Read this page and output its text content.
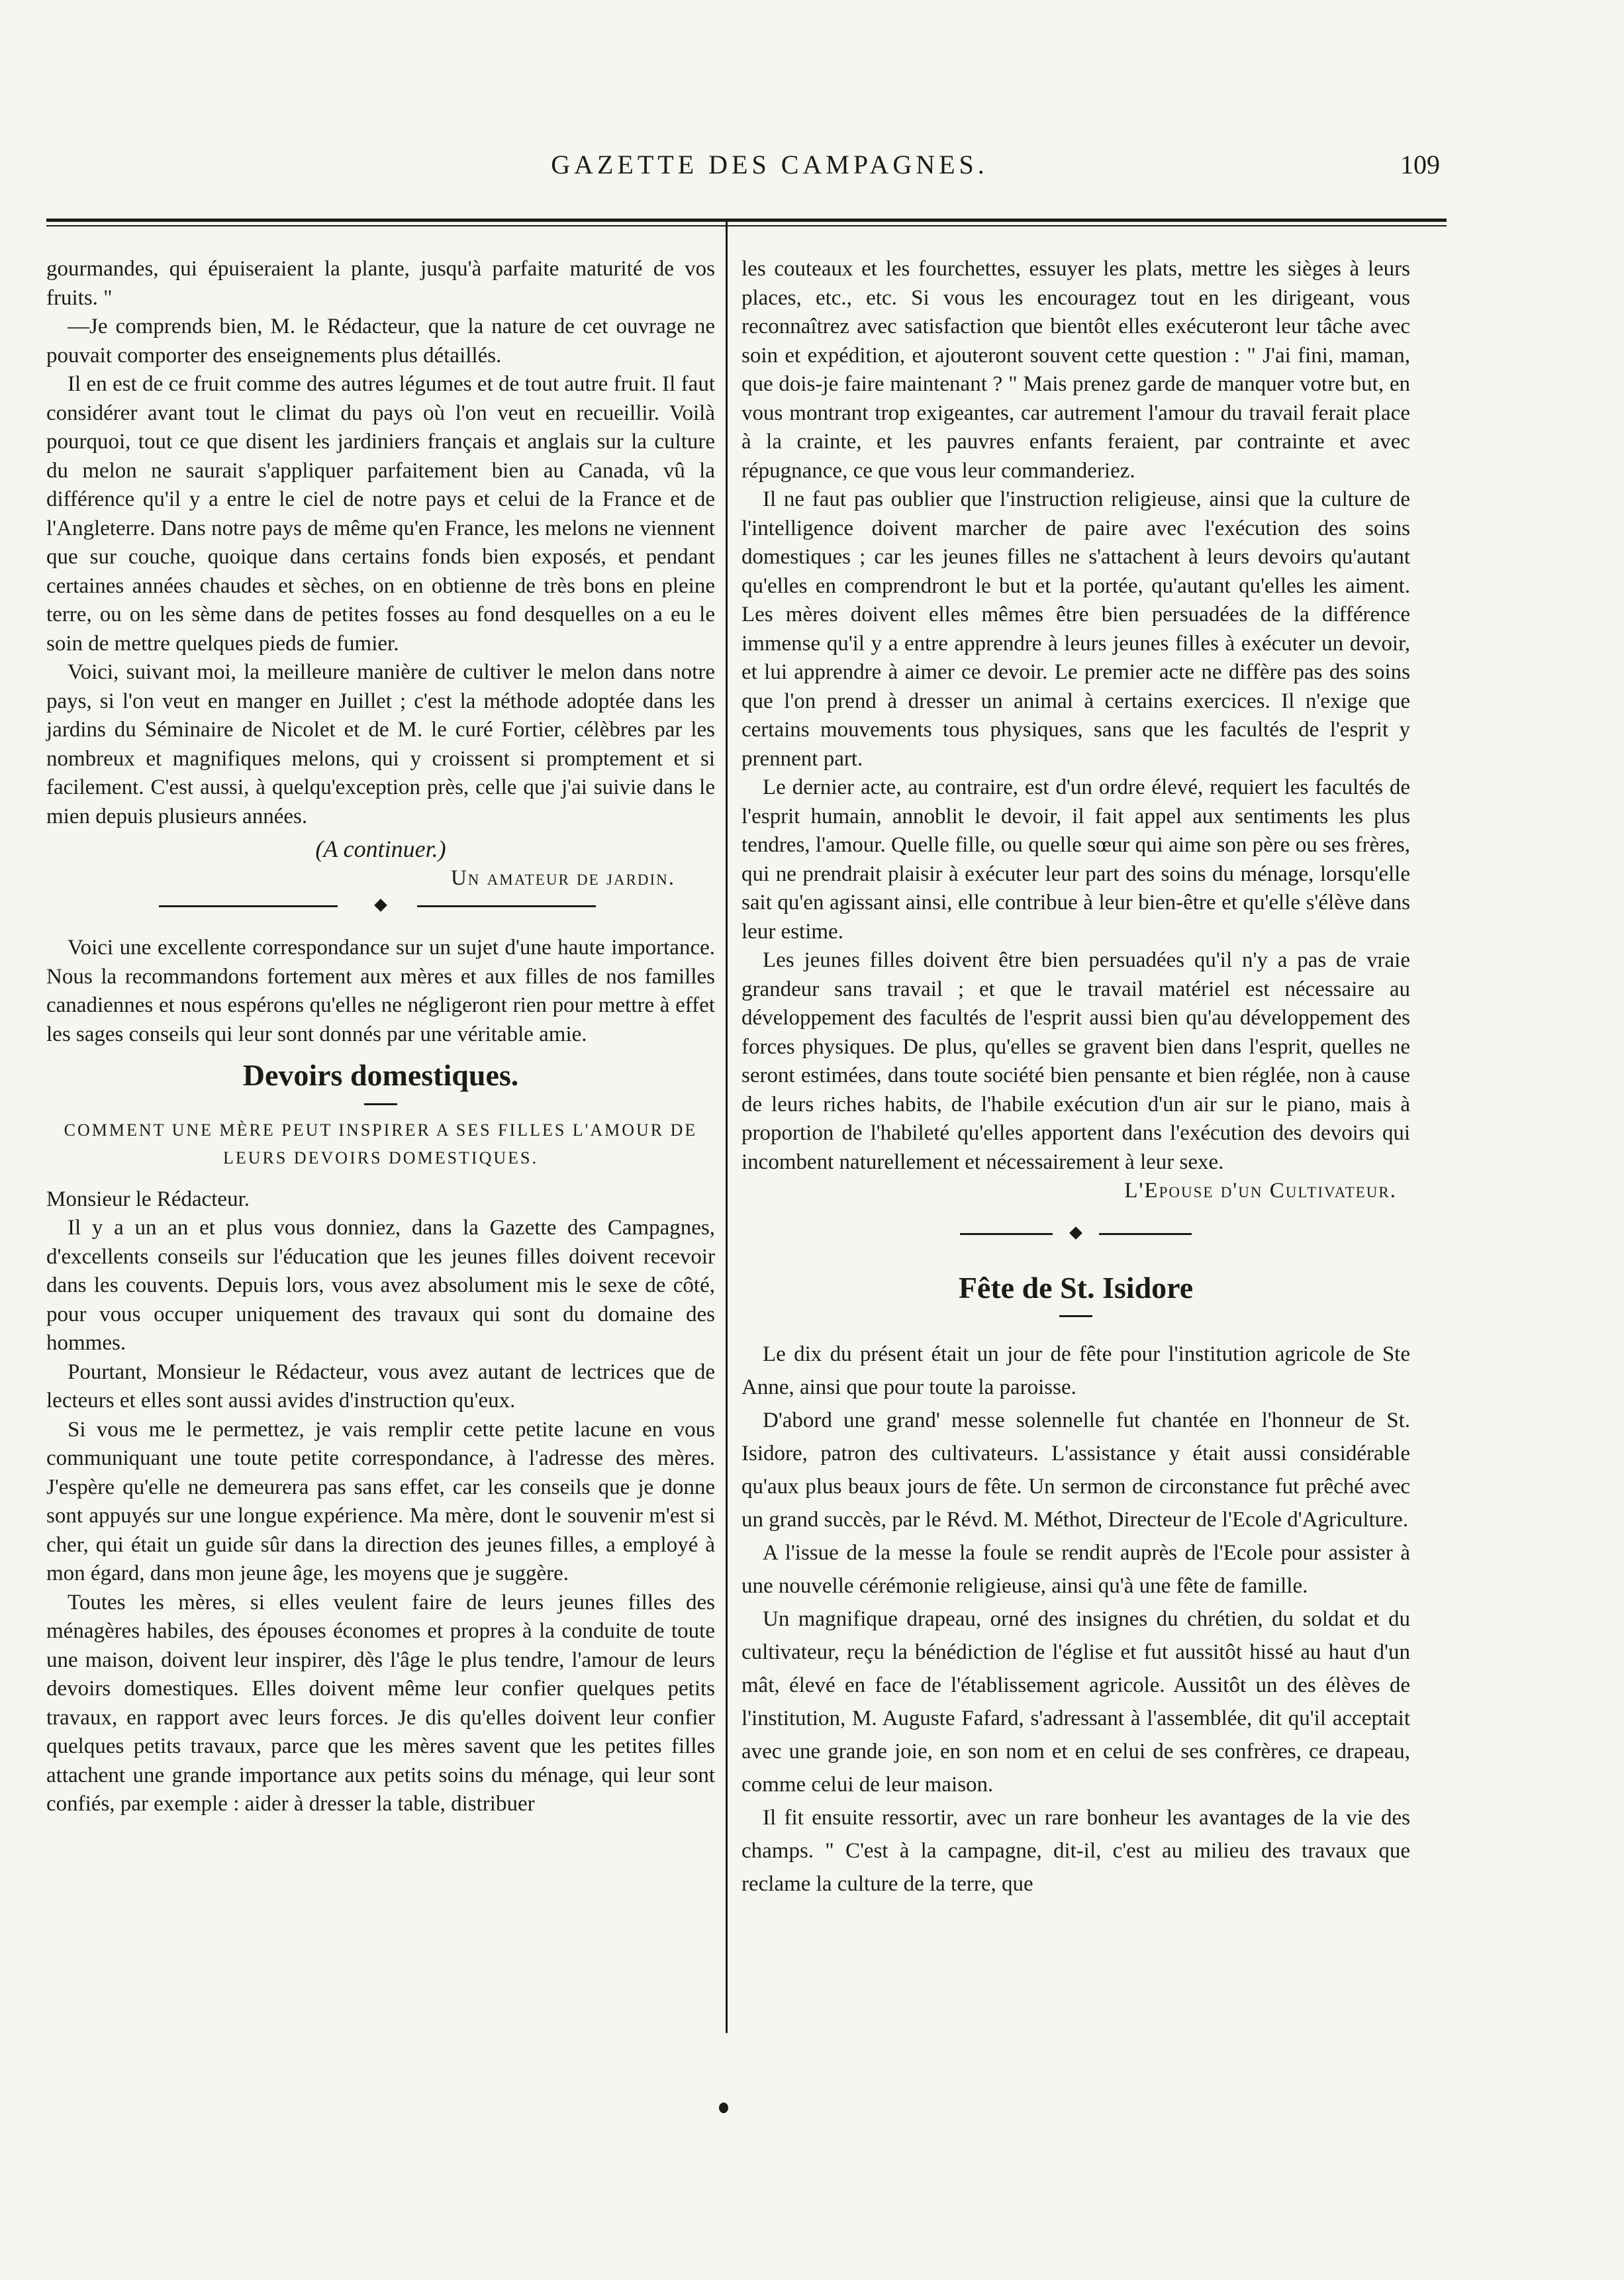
GAZETTE DES CAMPAGNES.	109

gourmandes, qui épuiseraient la plante, jusqu'à parfaite maturité de vos fruits. "

—Je comprends bien, M. le Rédacteur, que la nature de cet ouvrage ne pouvait comporter des enseignements plus détaillés.

Il en est de ce fruit comme des autres légumes et de tout autre fruit. Il faut considérer avant tout le climat du pays où l'on veut en recueillir. Voilà pourquoi, tout ce que disent les jardiniers français et anglais sur la culture du melon ne saurait s'appliquer parfaitement bien au Canada, vû la différence qu'il y a entre le ciel de notre pays et celui de la France et de l'Angleterre. Dans notre pays de même qu'en France, les melons ne viennent que sur couche, quoique dans certains fonds bien exposés, et pendant certaines années chaudes et sèches, on en obtienne de très bons en pleine terre, ou on les sème dans de petites fosses au fond desquelles on a eu le soin de mettre quelques pieds de fumier.

Voici, suivant moi, la meilleure manière de cultiver le melon dans notre pays, si l'on veut en manger en Juillet ; c'est la méthode adoptée dans les jardins du Séminaire de Nicolet et de M. le curé Fortier, célèbres par les nombreux et magnifiques melons, qui y croissent si promptement et si facilement. C'est aussi, à quelqu'exception près, celle que j'ai suivie dans le mien depuis plusieurs années.

(A continuer.)

Un amateur de jardin.

Voici une excellente correspondance sur un sujet d'une haute importance. Nous la recommandons fortement aux mères et aux filles de nos familles canadiennes et nous espérons qu'elles ne négligeront rien pour mettre à effet les sages conseils qui leur sont donnés par une véritable amie.

Devoirs domestiques.
COMMENT UNE MÈRE PEUT INSPIRER A SES FILLES L'AMOUR DE LEURS DEVOIRS DOMESTIQUES.

Monsieur le Rédacteur.

Il y a un an et plus vous donniez, dans la Gazette des Campagnes, d'excellents conseils sur l'éducation que les jeunes filles doivent recevoir dans les couvents. Depuis lors, vous avez absolument mis le sexe de côté, pour vous occuper uniquement des travaux qui sont du domaine des hommes.

Pourtant, Monsieur le Rédacteur, vous avez autant de lectrices que de lecteurs et elles sont aussi avides d'instruction qu'eux.

Si vous me le permettez, je vais remplir cette petite lacune en vous communiquant une toute petite correspondance, à l'adresse des mères. J'espère qu'elle ne demeurera pas sans effet, car les conseils que je donne sont appuyés sur une longue expérience. Ma mère, dont le souvenir m'est si cher, qui était un guide sûr dans la direction des jeunes filles, a employé à mon égard, dans mon jeune âge, les moyens que je suggère.

Toutes les mères, si elles veulent faire de leurs jeunes filles des ménagères habiles, des épouses économes et propres à la conduite de toute une maison, doivent leur inspirer, dès l'âge le plus tendre, l'amour de leurs devoirs domestiques. Elles doivent même leur confier quelques petits travaux, en rapport avec leurs forces. Je dis qu'elles doivent leur confier quelques petits travaux, parce que les mères savent que les petites filles attachent une grande importance aux petits soins du ménage, qui leur sont confiés, par exemple : aider à dresser la table, distribuer

les couteaux et les fourchettes, essuyer les plats, mettre les sièges à leurs places, etc., etc. Si vous les encouragez tout en les dirigeant, vous reconnaîtrez avec satisfaction que bientôt elles exécuteront leur tâche avec soin et expédition, et ajouteront souvent cette question : " J'ai fini, maman, que dois-je faire maintenant ? " Mais prenez garde de manquer votre but, en vous montrant trop exigeantes, car autrement l'amour du travail ferait place à la crainte, et les pauvres enfants feraient, par contrainte et avec répugnance, ce que vous leur commanderiez.

Il ne faut pas oublier que l'instruction religieuse, ainsi que la culture de l'intelligence doivent marcher de paire avec l'exécution des soins domestiques ; car les jeunes filles ne s'attachent à leurs devoirs qu'autant qu'elles en comprendront le but et la portée, qu'autant qu'elles les aiment. Les mères doivent elles mêmes être bien persuadées de la différence immense qu'il y a entre apprendre à leurs jeunes filles à exécuter un devoir, et lui apprendre à aimer ce devoir. Le premier acte ne diffère pas des soins que l'on prend à dresser un animal à certains exercices. Il n'exige que certains mouvements tous physiques, sans que les facultés de l'esprit y prennent part.

Le dernier acte, au contraire, est d'un ordre élevé, requiert les facultés de l'esprit humain, annoblit le devoir, il fait appel aux sentiments les plus tendres, l'amour. Quelle fille, ou quelle sœur qui aime son père ou ses frères, qui ne prendrait plaisir à exécuter leur part des soins du ménage, lorsqu'elle sait qu'en agissant ainsi, elle contribue à leur bien-être et qu'elle s'élève dans leur estime.

Les jeunes filles doivent être bien persuadées qu'il n'y a pas de vraie grandeur sans travail ; et que le travail matériel est nécessaire au développement des facultés de l'esprit aussi bien qu'au développement des forces physiques. De plus, qu'elles se gravent bien dans l'esprit, quelles ne seront estimées, dans toute société bien pensante et bien réglée, non à cause de leurs riches habits, de l'habile exécution d'un air sur le piano, mais à proportion de l'habileté qu'elles apportent dans l'exécution des devoirs qui incombent naturellement et nécessairement à leur sexe.

L'Epouse d'un Cultivateur.

Fête de St. Isidore

Le dix du présent était un jour de fête pour l'institution agricole de Ste Anne, ainsi que pour toute la paroisse.

D'abord une grand' messe solennelle fut chantée en l'honneur de St. Isidore, patron des cultivateurs. L'assistance y était aussi considérable qu'aux plus beaux jours de fête. Un sermon de circonstance fut prêché avec un grand succès, par le Révd. M. Méthot, Directeur de l'Ecole d'Agriculture.

A l'issue de la messe la foule se rendit auprès de l'Ecole pour assister à une nouvelle cérémonie religieuse, ainsi qu'à une fête de famille.

Un magnifique drapeau, orné des insignes du chrétien, du soldat et du cultivateur, reçu la bénédiction de l'église et fut aussitôt hissé au haut d'un mât, élevé en face de l'établissement agricole. Aussitôt un des élèves de l'institution, M. Auguste Fafard, s'adressant à l'assemblée, dit qu'il acceptait avec une grande joie, en son nom et en celui de ses confrères, ce drapeau, comme celui de leur maison.

Il fit ensuite ressortir, avec un rare bonheur les avantages de la vie des champs. " C'est à la campagne, dit-il, c'est au milieu des travaux que reclame la culture de la terre, que
